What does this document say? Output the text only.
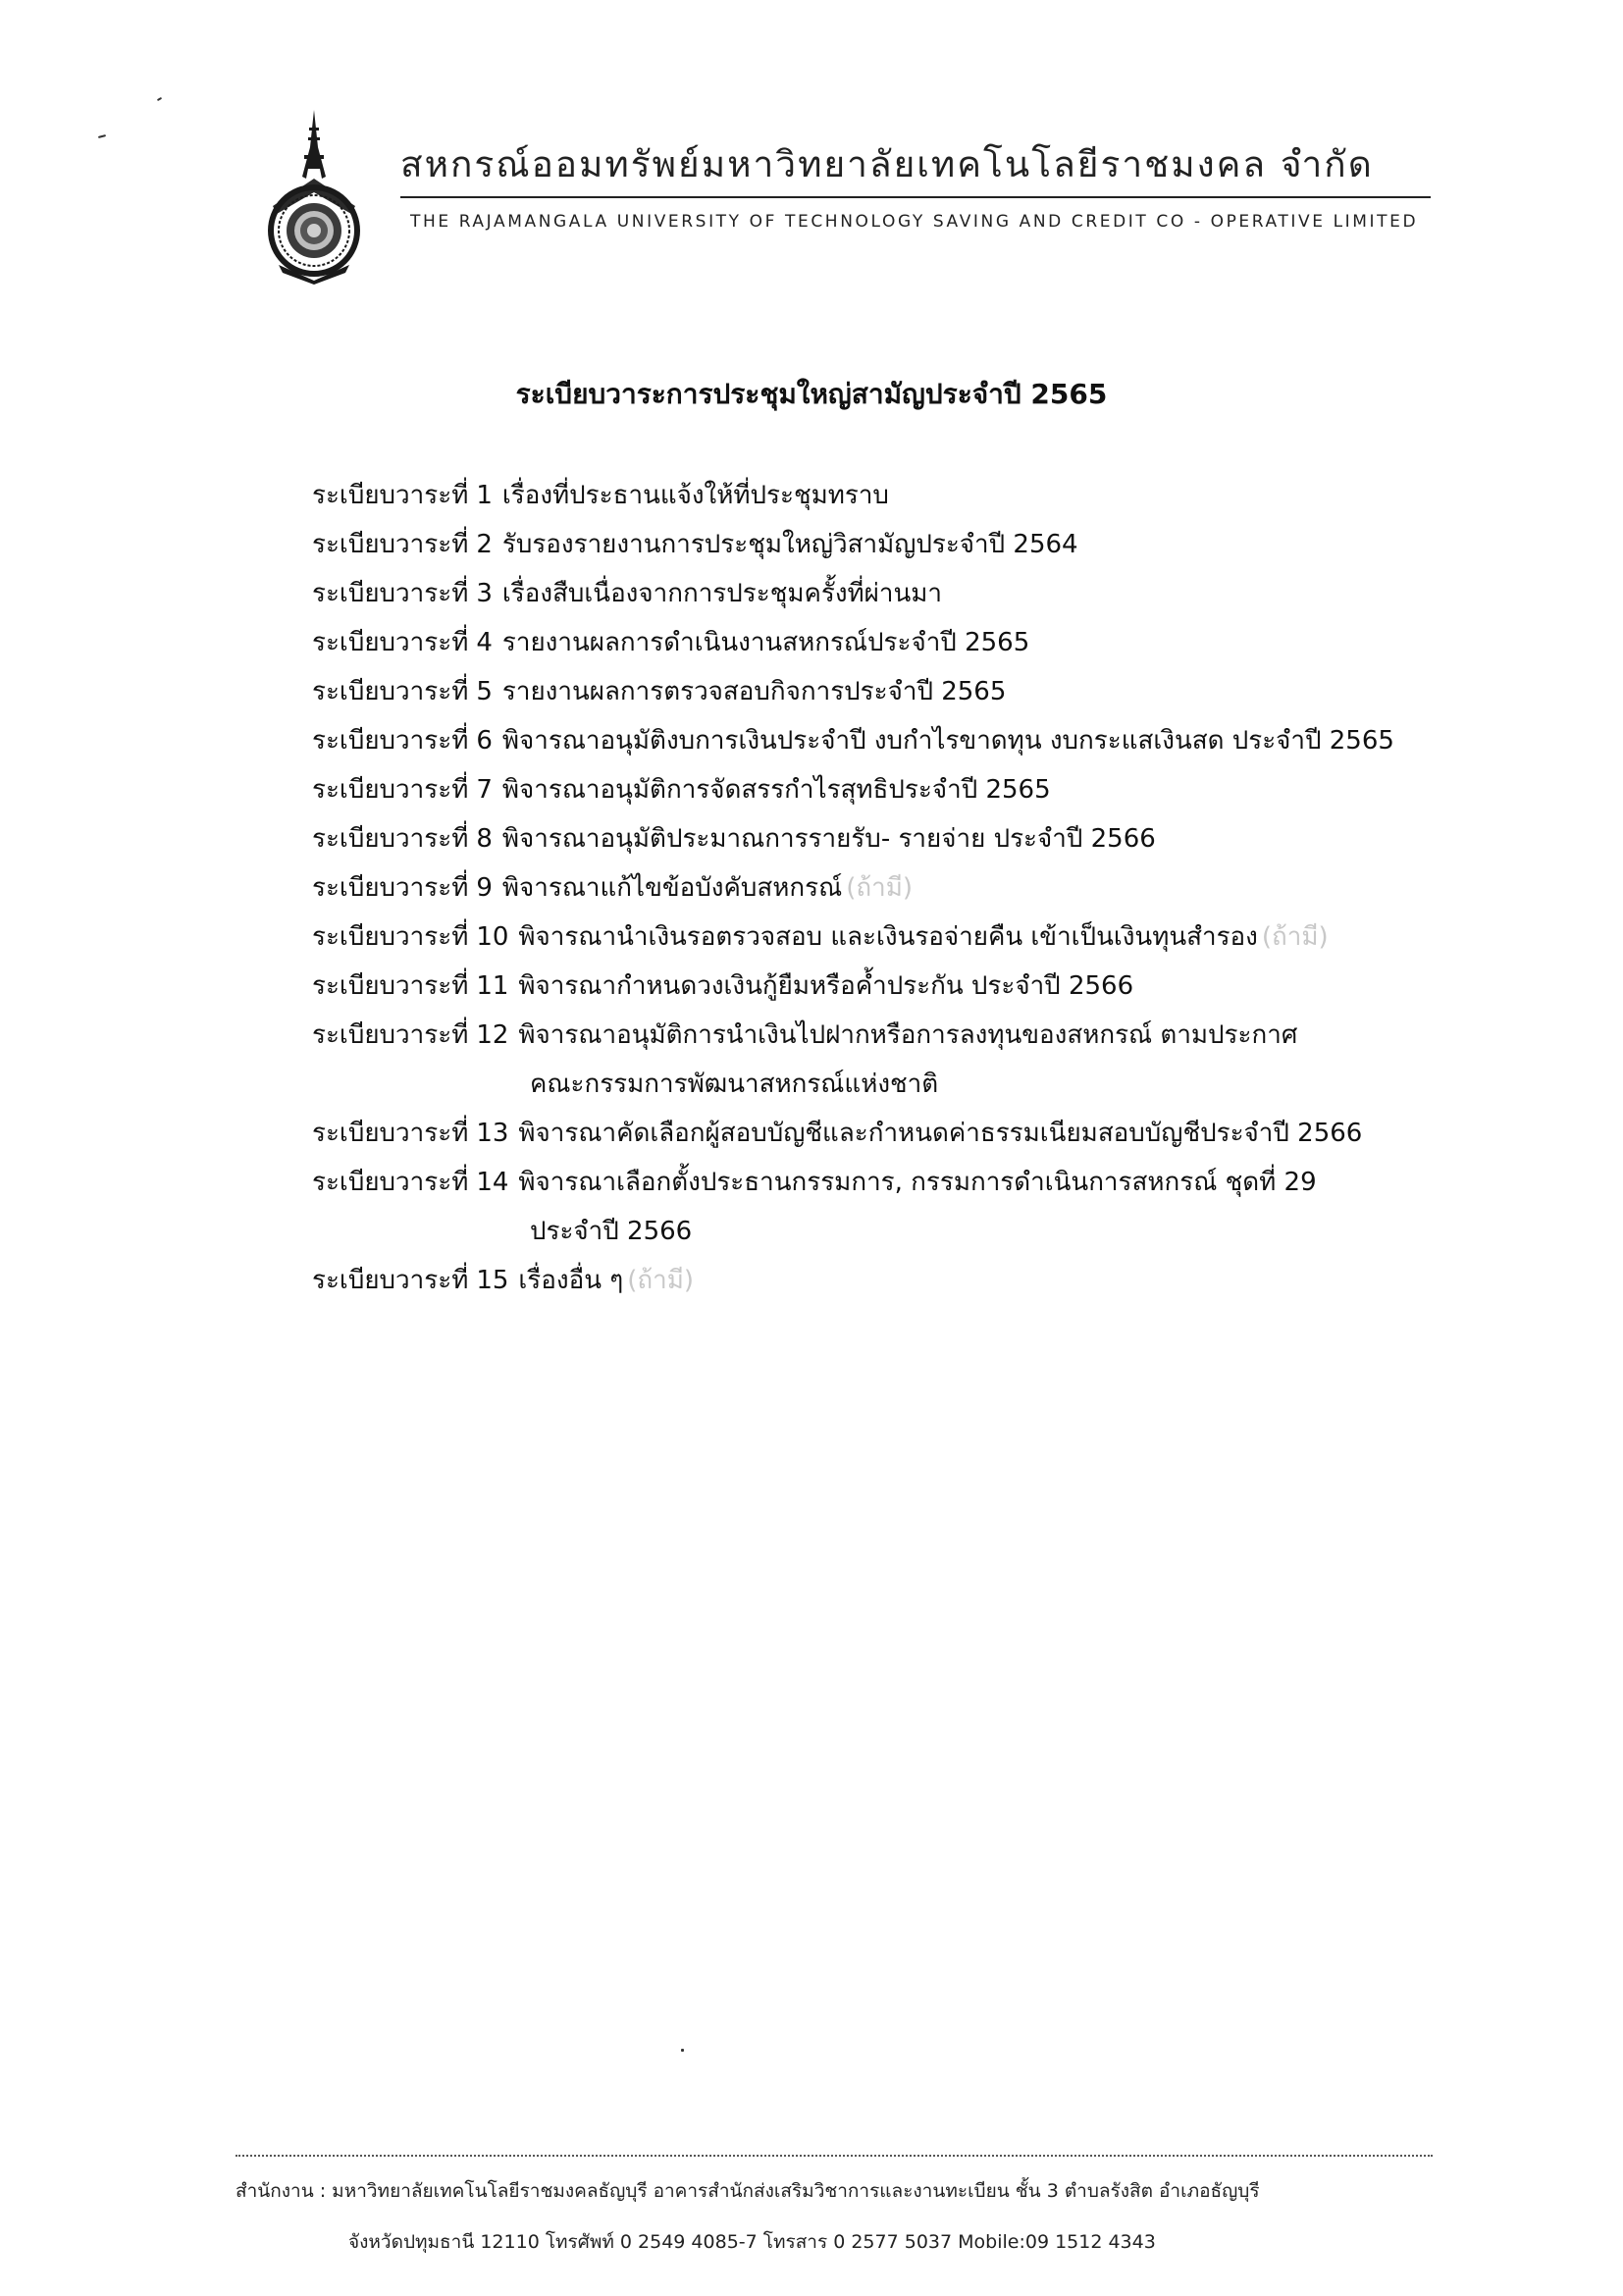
สหกรณ์ออมทรัพย์มหาวิทยาลัยเทคโนโลยีราชมงคล จำกัด
THE RAJAMANGALA UNIVERSITY OF TECHNOLOGY SAVING AND CREDIT CO - OPERATIVE LIMITED
ระเบียบวาระการประชุมใหญ่สามัญประจำปี 2565
ระเบียบวาระที่ 1 เรื่องที่ประธานแจ้งให้ที่ประชุมทราบ
ระเบียบวาระที่ 2 รับรองรายงานการประชุมใหญ่วิสามัญประจำปี 2564
ระเบียบวาระที่ 3 เรื่องสืบเนื่องจากการประชุมครั้งที่ผ่านมา
ระเบียบวาระที่ 4 รายงานผลการดำเนินงานสหกรณ์ประจำปี 2565
ระเบียบวาระที่ 5 รายงานผลการตรวจสอบกิจการประจำปี 2565
ระเบียบวาระที่ 6 พิจารณาอนุมัติงบการเงินประจำปี งบกำไรขาดทุน งบกระแสเงินสด ประจำปี 2565
ระเบียบวาระที่ 7 พิจารณาอนุมัติการจัดสรรกำไรสุทธิประจำปี 2565
ระเบียบวาระที่ 8 พิจารณาอนุมัติประมาณการรายรับ- รายจ่าย ประจำปี 2566
ระเบียบวาระที่ 9 พิจารณาแก้ไขข้อบังคับสหกรณ์ (ถ้ามี)
ระเบียบวาระที่ 10 พิจารณานำเงินรอตรวจสอบ และเงินรอจ่ายคืน เข้าเป็นเงินทุนสำรอง (ถ้ามี)
ระเบียบวาระที่ 11 พิจารณากำหนดวงเงินกู้ยืมหรือค้ำประกัน ประจำปี 2566
ระเบียบวาระที่ 12 พิจารณาอนุมัติการนำเงินไปฝากหรือการลงทุนของสหกรณ์ ตามประกาศ
คณะกรรมการพัฒนาสหกรณ์แห่งชาติ
ระเบียบวาระที่ 13 พิจารณาคัดเลือกผู้สอบบัญชีและกำหนดค่าธรรมเนียมสอบบัญชีประจำปี 2566
ระเบียบวาระที่ 14 พิจารณาเลือกตั้งประธานกรรมการ, กรรมการดำเนินการสหกรณ์ ชุดที่ 29
ประจำปี 2566
ระเบียบวาระที่ 15 เรื่องอื่น ๆ (ถ้ามี)
สำนักงาน : มหาวิทยาลัยเทคโนโลยีราชมงคลธัญบุรี อาคารสำนักส่งเสริมวิชาการและงานทะเบียน ชั้น 3 ตำบลรังสิต อำเภอธัญบุรี
จังหวัดปทุมธานี 12110 โทรศัพท์ 0 2549 4085-7 โทรสาร 0 2577 5037 Mobile:09 1512 4343
